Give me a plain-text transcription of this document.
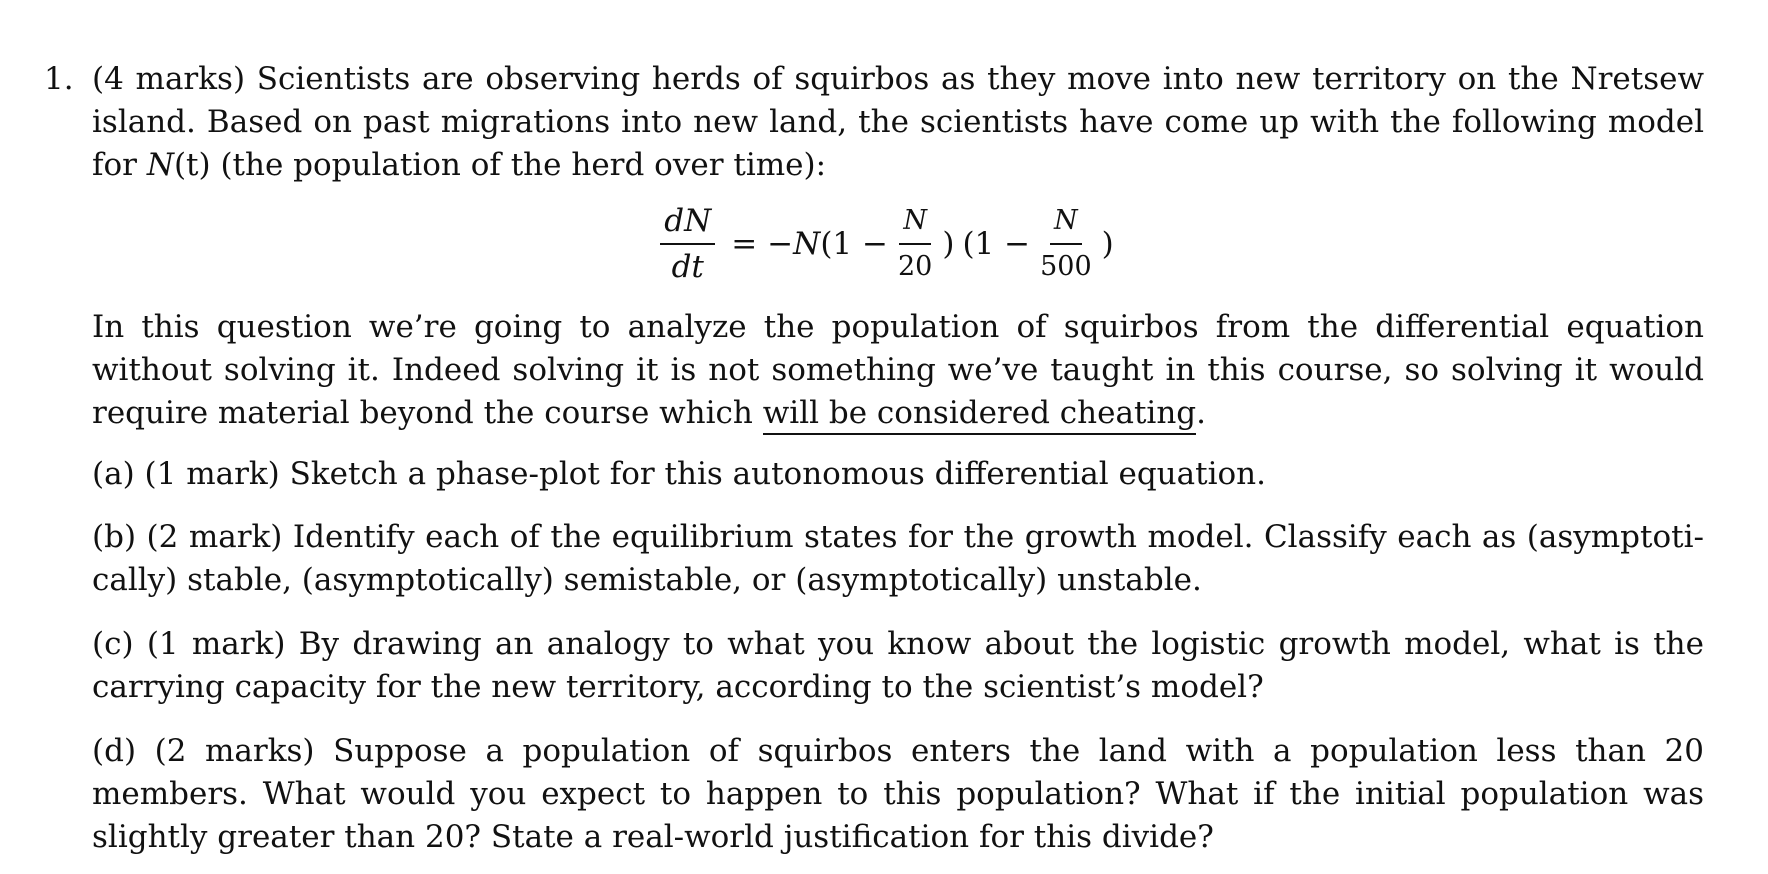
1. (4 marks) Scientists are observing herds of squirbos as they move into new territory on the Nretsew island. Based on past migrations into new land, the scientists have come up with the following model for N(t) (the population of the herd over time):
$\frac{dN}{dt} = -N$ ($1 - \frac{N}{20}$ ) ($1 - \frac{N}{500}$ )
In this question we’re going to analyze the population of squirbos from the differential equation without solving it. Indeed solving it is not something we’ve taught in this course, so solving it would require material beyond the course which will be considered cheating.
(a) (1 mark) Sketch a phase-plot for this autonomous differential equation.
(b) (2 mark) Identify each of the equilibrium states for the growth model. Classify each as (asymptoti-cally) stable, (asymptotically) semistable, or (asymptotically) unstable.
(c) (1 mark) By drawing an analogy to what you know about the logistic growth model, what is the carrying capacity for the new territory, according to the scientist’s model?
(d) (2 marks) Suppose a population of squirbos enters the land with a population less than 20 members. What would you expect to happen to this population? What if the initial population was slightly greater than 20? State a real-world justification for this divide?
